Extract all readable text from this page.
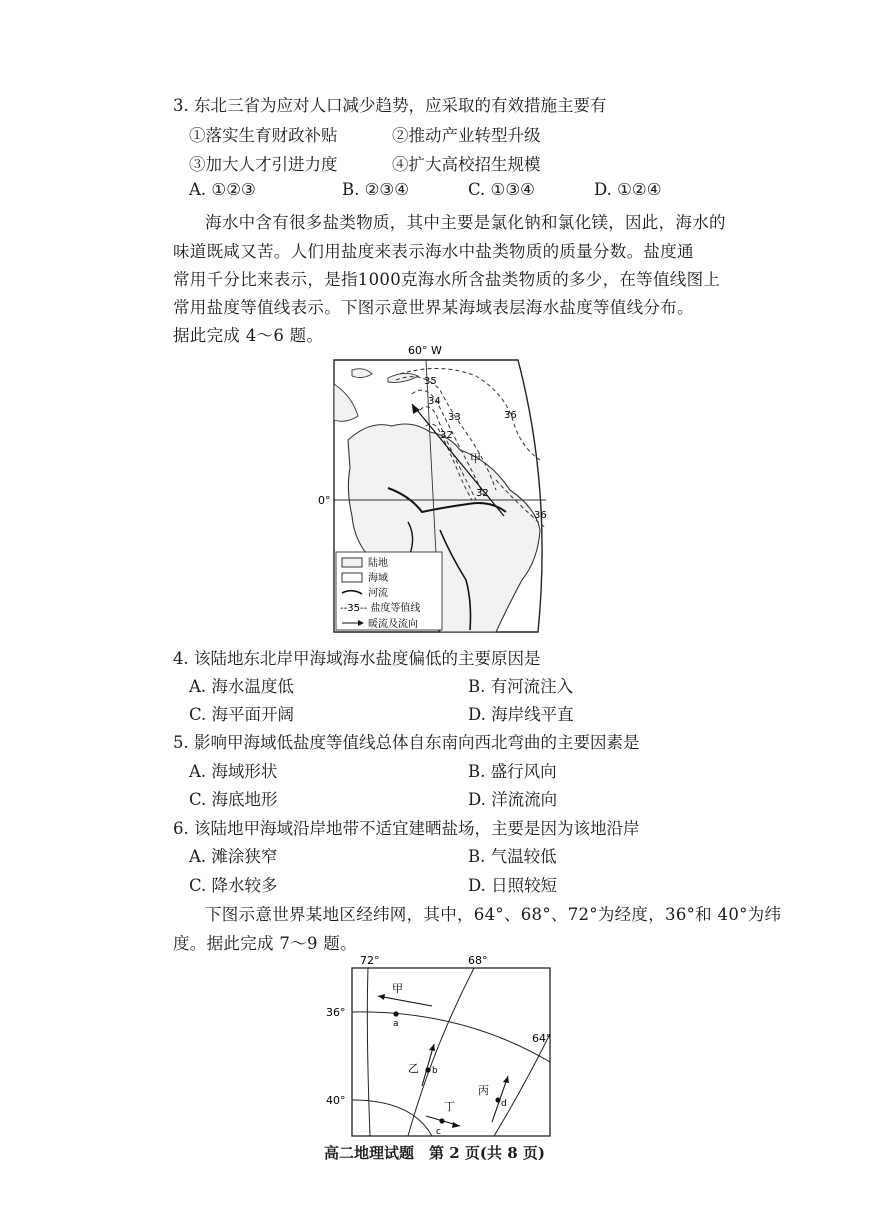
3. 东北三省为应对人口减少趋势，应采取的有效措施主要有
①落实生育财政补贴	②推动产业转型升级
③加大人才引进力度	④扩大高校招生规模
A. ①②③	B. ②③④	C. ①③④	D. ①②④
海水中含有很多盐类物质，其中主要是氯化钠和氯化镁，因此，海水的
味道既咸又苦。人们用盐度来表示海水中盐类物质的质量分数。盐度通
常用千分比来表示，是指1000克海水所含盐类物质的多少，在等值线图上
常用盐度等值线表示。下图示意世界某海域表层海水盐度等值线分布。
据此完成 4～6 题。
60° W
0°
35
34
33
32
36
32
36
甲
陆地
海域
河流
--35-- 盐度等值线
暖流及流向
4. 该陆地东北岸甲海域海水盐度偏低的主要原因是
A. 海水温度低	B. 有河流注入
C. 海平面开阔	D. 海岸线平直
5. 影响甲海域低盐度等值线总体自东南向西北弯曲的主要因素是
A. 海域形状	B. 盛行风向
C. 海底地形	D. 洋流流向
6. 该陆地甲海域沿岸地带不适宜建晒盐场，主要是因为该地沿岸
A. 滩涂狭窄	B. 气温较低
C. 降水较多	D. 日照较短
下图示意世界某地区经纬网，其中，64°、68°、72°为经度，36°和 40°为纬
度。据此完成 7～9 题。
72°	68°
64°
36°
40°
甲
a
乙 b
丁
c
丙
d
高二地理试题　第 2 页(共 8 页)
